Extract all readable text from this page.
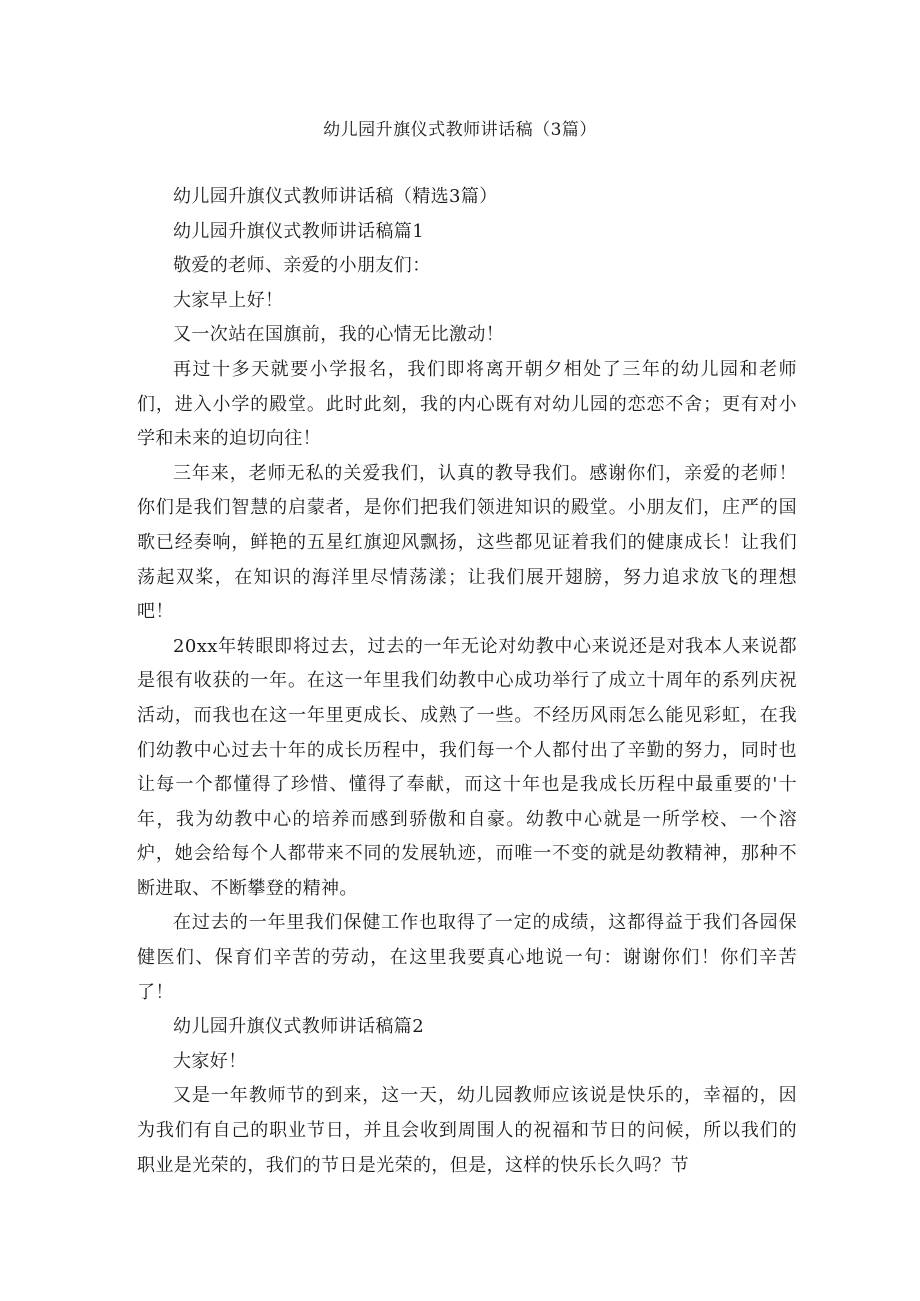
幼儿园升旗仪式教师讲话稿（3篇）

幼儿园升旗仪式教师讲话稿（精选3篇）

幼儿园升旗仪式教师讲话稿篇1

敬爱的老师、亲爱的小朋友们：

大家早上好！

又一次站在国旗前，我的心情无比激动！

再过十多天就要小学报名，我们即将离开朝夕相处了三年的幼儿园和老师们，进入小学的殿堂。此时此刻，我的内心既有对幼儿园的恋恋不舍；更有对小学和未来的迫切向往！

三年来，老师无私的关爱我们，认真的教导我们。感谢你们，亲爱的老师！你们是我们智慧的启蒙者，是你们把我们领进知识的殿堂。小朋友们，庄严的国歌已经奏响，鲜艳的五星红旗迎风飘扬，这些都见证着我们的健康成长！让我们荡起双桨，在知识的海洋里尽情荡漾；让我们展开翅膀，努力追求放飞的理想吧！

20xx年转眼即将过去，过去的一年无论对幼教中心来说还是对我本人来说都是很有收获的一年。在这一年里我们幼教中心成功举行了成立十周年的系列庆祝活动，而我也在这一年里更成长、成熟了一些。不经历风雨怎么能见彩虹，在我们幼教中心过去十年的成长历程中，我们每一个人都付出了辛勤的努力，同时也让每一个都懂得了珍惜、懂得了奉献，而这十年也是我成长历程中最重要的'十年，我为幼教中心的培养而感到骄傲和自豪。幼教中心就是一所学校、一个溶炉，她会给每个人都带来不同的发展轨迹，而唯一不变的就是幼教精神，那种不断进取、不断攀登的精神。

在过去的一年里我们保健工作也取得了一定的成绩，这都得益于我们各园保健医们、保育们辛苦的劳动，在这里我要真心地说一句：谢谢你们！你们辛苦了！

幼儿园升旗仪式教师讲话稿篇2

大家好！

又是一年教师节的到来，这一天，幼儿园教师应该说是快乐的，幸福的，因为我们有自己的职业节日，并且会收到周围人的祝福和节日的问候，所以我们的职业是光荣的，我们的节日是光荣的，但是，这样的快乐长久吗？节
